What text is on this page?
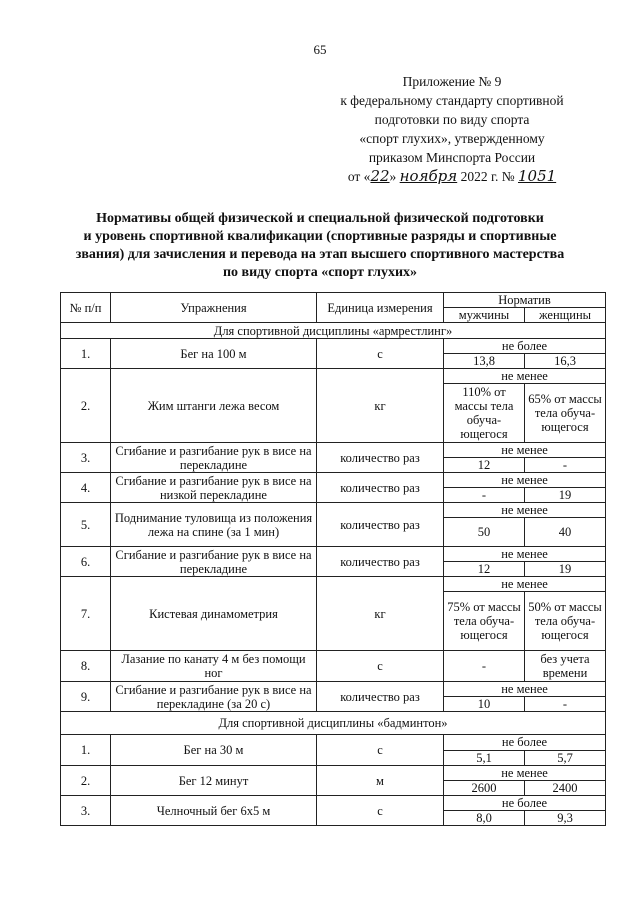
65
Приложение № 9
к федеральному стандарту спортивной
подготовки по виду спорта
«спорт глухих», утвержденному
приказом Минспорта России
от «22» ноября 2022 г. № 1051
Нормативы общей физической и специальной физической подготовки
и уровень спортивной квалификации (спортивные разряды и спортивные
звания) для зачисления и перевода на этап высшего спортивного мастерства
по виду спорта «спорт глухих»
№ п/п	Упражнения	Единица измерения	Норматив	
			мужчины	женщины
Для спортивной дисциплины «армрестлинг»				
1.	Бег на 100 м	с	не более	
			13,8	16,3
2.	Жим штанги лежа весом	кг	не менее	
			110% от массы тела обуча-ющегося	65% от массы тела обуча-ющегося
3.	Сгибание и разгибание рук в висе на перекладине	количество раз	не менее	
			12	-
4.	Сгибание и разгибание рук в висе на низкой перекладине	количество раз	не менее	
			-	19
5.	Поднимание туловища из положения лежа на спине (за 1 мин)	количество раз	не менее	
			50	40
6.	Сгибание и разгибание рук в висе на перекладине	количество раз	не менее	
			12	19
7.	Кистевая динамометрия	кг	не менее	
			75% от массы тела обуча-ющегося	50% от массы тела обуча-ющегося
8.	Лазание по канату 4 м без помощи ног	с	-	без учета времени
9.	Сгибание и разгибание рук в висе на перекладине (за 20 с)	количество раз	не менее	
			10	-
Для спортивной дисциплины «бадминтон»				
1.	Бег на 30 м	с	не более	
			5,1	5,7
2.	Бег 12 минут	м	не менее	
			2600	2400
3.	Челночный бег 6х5 м	с	не более	
			8,0	9,3
